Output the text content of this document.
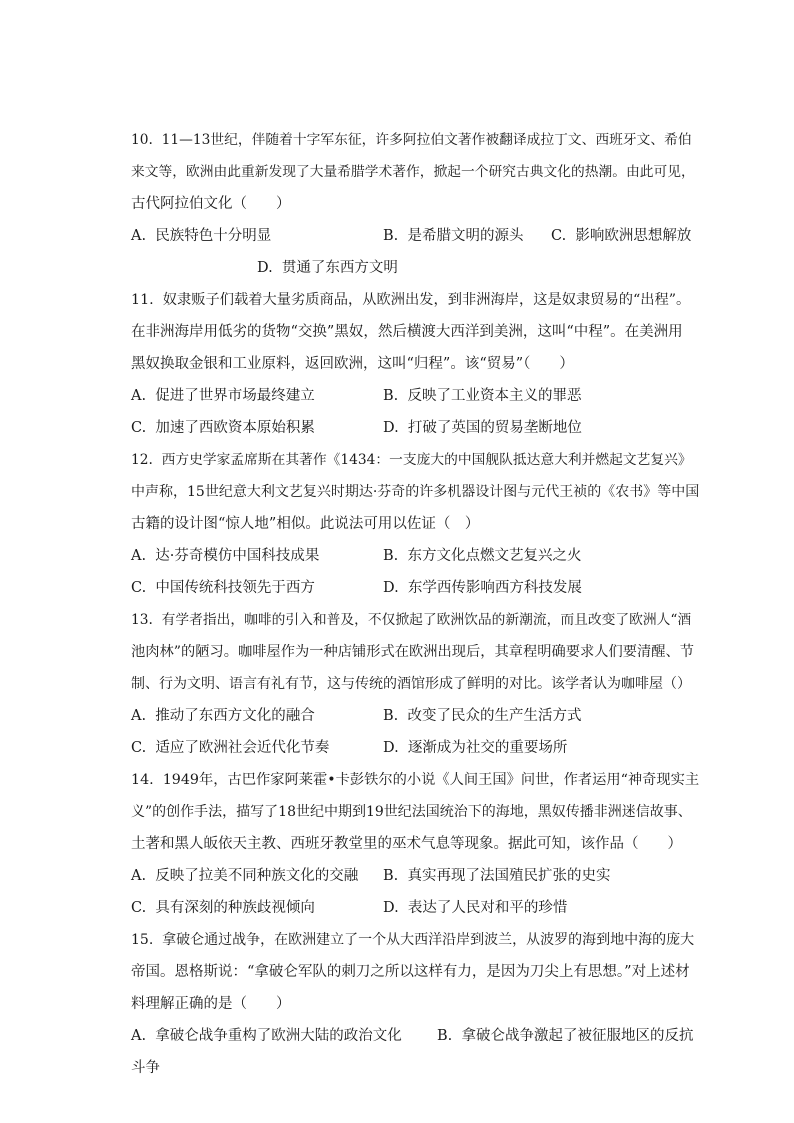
10.  11—13世纪，伴随着十字军东征，许多阿拉伯文著作被翻译成拉丁文、西班牙文、希伯
来文等，欧洲由此重新发现了大量希腊学术著作，掀起一个研究古典文化的热潮。由此可见，
古代阿拉伯文化（　　）
A.  民族特色十分明显	B.  是希腊文明的源头 C.  影响欧洲思想解放
D.  贯通了东西方文明
11.  奴隶贩子们载着大量劣质商品，从欧洲出发，到非洲海岸，这是奴隶贸易的“出程”。
在非洲海岸用低劣的货物“交换”黑奴，然后横渡大西洋到美洲，这叫“中程”。在美洲用
黑奴换取金银和工业原料，返回欧洲，这叫“归程”。该“贸易”（　　）
A.  促进了世界市场最终建立	B.  反映了工业资本主义的罪恶
C.  加速了西欧资本原始积累	D.  打破了英国的贸易垄断地位
12.  西方史学家孟席斯在其著作《1434：一支庞大的中国舰队抵达意大利并燃起文艺复兴》
中声称，15世纪意大利文艺复兴时期达·芬奇的许多机器设计图与元代王祯的《农书》等中国
古籍的设计图“惊人地”相似。此说法可用以佐证（　）
A.  达·芬奇模仿中国科技成果	B.  东方文化点燃文艺复兴之火
C.  中国传统科技领先于西方	D.  东学西传影响西方科技发展
13.  有学者指出，咖啡的引入和普及，不仅掀起了欧洲饮品的新潮流，而且改变了欧洲人“酒
池肉林”的陋习。咖啡屋作为一种店铺形式在欧洲出现后，其章程明确要求人们要清醒、节
制、行为文明、语言有礼有节，这与传统的酒馆形成了鲜明的对比。该学者认为咖啡屋（）
A.  推动了东西方文化的融合	B.  改变了民众的生产生活方式
C.  适应了欧洲社会近代化节奏	D.  逐渐成为社交的重要场所
14.  1949年，古巴作家阿莱霍•卡彭铁尔的小说《人间王国》问世，作者运用“神奇现实主
义”的创作手法，描写了18世纪中期到19世纪法国统治下的海地，黑奴传播非洲迷信故事、
土著和黑人皈依天主教、西班牙教堂里的巫术气息等现象。据此可知，该作品（　　）
A.  反映了拉美不同种族文化的交融 B.  真实再现了法国殖民扩张的史实
C.  具有深刻的种族歧视倾向	D.  表达了人民对和平的珍惜
15.  拿破仑通过战争，在欧洲建立了一个从大西洋沿岸到波兰，从波罗的海到地中海的庞大
帝国。恩格斯说：“拿破仑军队的刺刀之所以这样有力，是因为刀尖上有思想。”对上述材
料理解正确的是（　　）
A.  拿破仑战争重构了欧洲大陆的政治文化 B.  拿破仑战争激起了被征服地区的反抗
斗争
